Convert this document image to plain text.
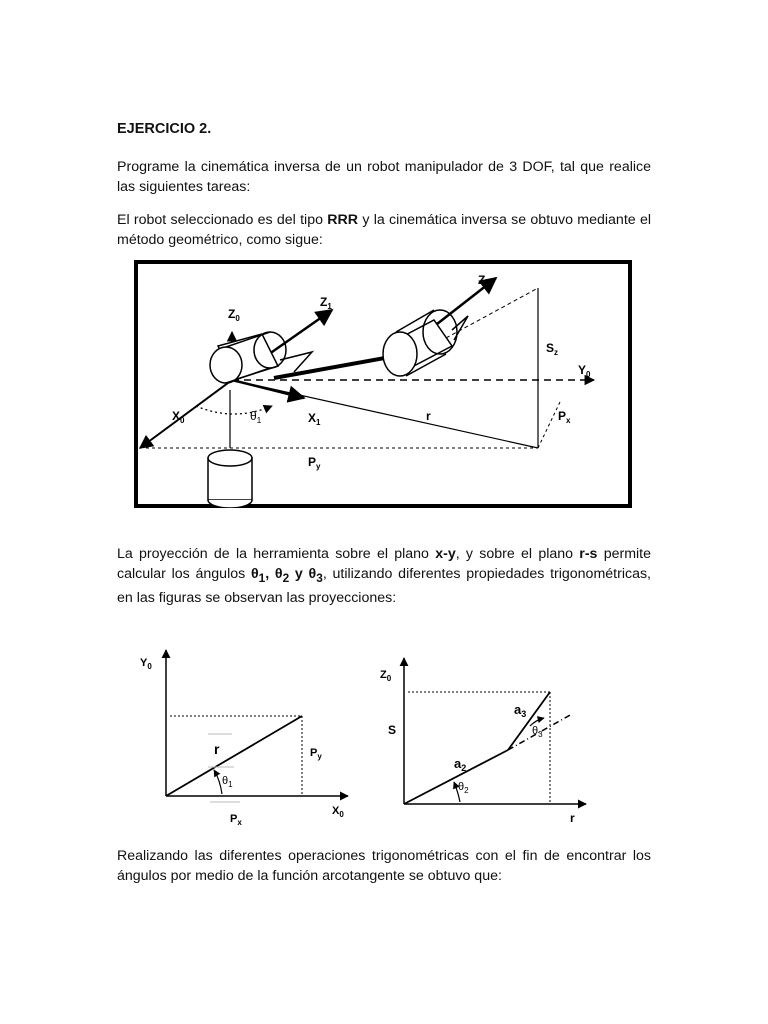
EJERCICIO 2.

Programe la cinemática inversa de un robot manipulador de 3 DOF, tal que realice las siguientes tareas:

El robot seleccionado es del tipo RRR y la cinemática inversa se obtuvo mediante el método geométrico, como sigue:

$Z_0$
$Z_1$
$Z_2$
$X_0$	$X_1$
$Y_0$
$\theta_1$	r
$S_z$
$P_x$
$P_y$

La proyección de la herramienta sobre el plano x-y, y sobre el plano r-s permite calcular los ángulos $\theta_1$, $\theta_2$ y $\theta_3$, utilizando diferentes propiedades trigonométricas, en las figuras se observan las proyecciones:

$Y_0$
$X_0$
r	$P_y$
$P_x$
$\theta_1$
$Z_0$
S
r
$a_2$
$a_3$
$\theta_2$
$\theta_3$

Realizando las diferentes operaciones trigonométricas con el fin de encontrar los ángulos por medio de la función arcotangente se obtuvo que:
